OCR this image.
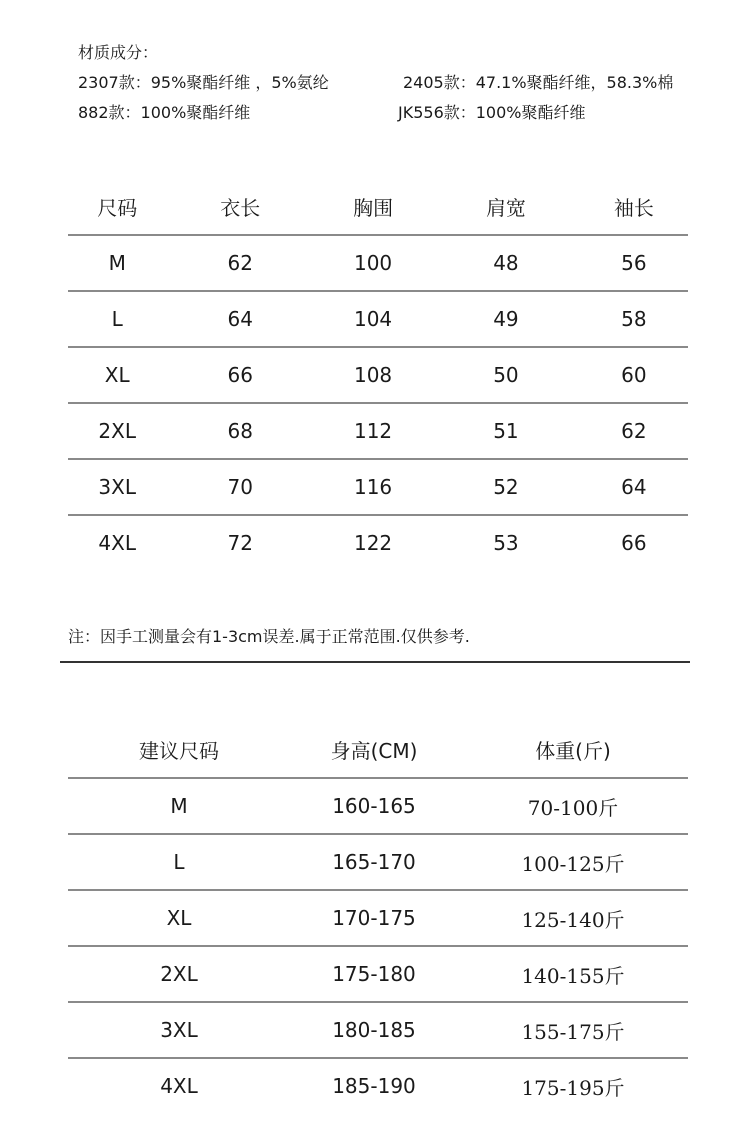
材质成分：
2307款：95%聚酯纤维 ，5%氨纶	2405款：47.1%聚酯纤维，58.3%棉
882款：100%聚酯纤维	JK556款：100%聚酯纤维
尺码	衣长	胸围	肩宽	袖长
M	62	100	48	56
L	64	104	49	58
XL	66	108	50	60
2XL	68	112	51	62
3XL	70	116	52	64
4XL	72	122	53	66
注：因手工测量会有1-3cm误差.属于正常范围.仅供参考.
建议尺码	身高(CM)	体重(斤)
M	160-165	70-100斤
L	165-170	100-125斤
XL	170-175	125-140斤
2XL	175-180	140-155斤
3XL	180-185	155-175斤
4XL	185-190	175-195斤
